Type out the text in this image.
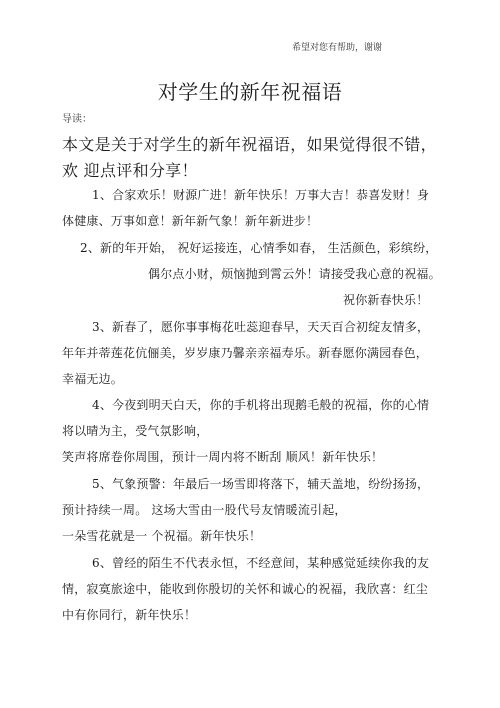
希望对您有帮助，谢谢
对学生的新年祝福语
导读：
本文是关于对学生的新年祝福语，如果觉得很不错，
欢 迎点评和分享！
1、合家欢乐！财源广进！新年快乐！万事大吉！恭喜发财！身
体健康、万事如意！新年新气象！新年新进步！
2、新的年开始， 祝好运接连，心情季如春， 生活颜色，彩缤纷，
偶尔点小财，烦恼抛到霄云外！请接受我心意的祝福。
祝你新春快乐！
3、新春了，愿你事事梅花吐蕊迎春早，天天百合初绽友情多，
年年并蒂莲花伉俪美，岁岁康乃馨亲亲福寿乐。新春愿你满园春色，
幸福无边。
4、今夜到明天白天，你的手机将出现鹅毛般的祝福，你的心情
将以晴为主，受气氛影响，
笑声将席卷你周围，预计一周内将不断刮 顺风！新年快乐！
5、气象预警：年最后一场雪即将落下，辅天盖地，纷纷扬扬，
预计持续一周。 这场大雪由一股代号友情暖流引起，
一朵雪花就是一 个祝福。新年快乐！
6、曾经的陌生不代表永恒，不经意间，某种感觉延续你我的友
情，寂寞旅途中，能收到你殷切的关怀和诚心的祝福，我欣喜：红尘
中有你同行，新年快乐！
